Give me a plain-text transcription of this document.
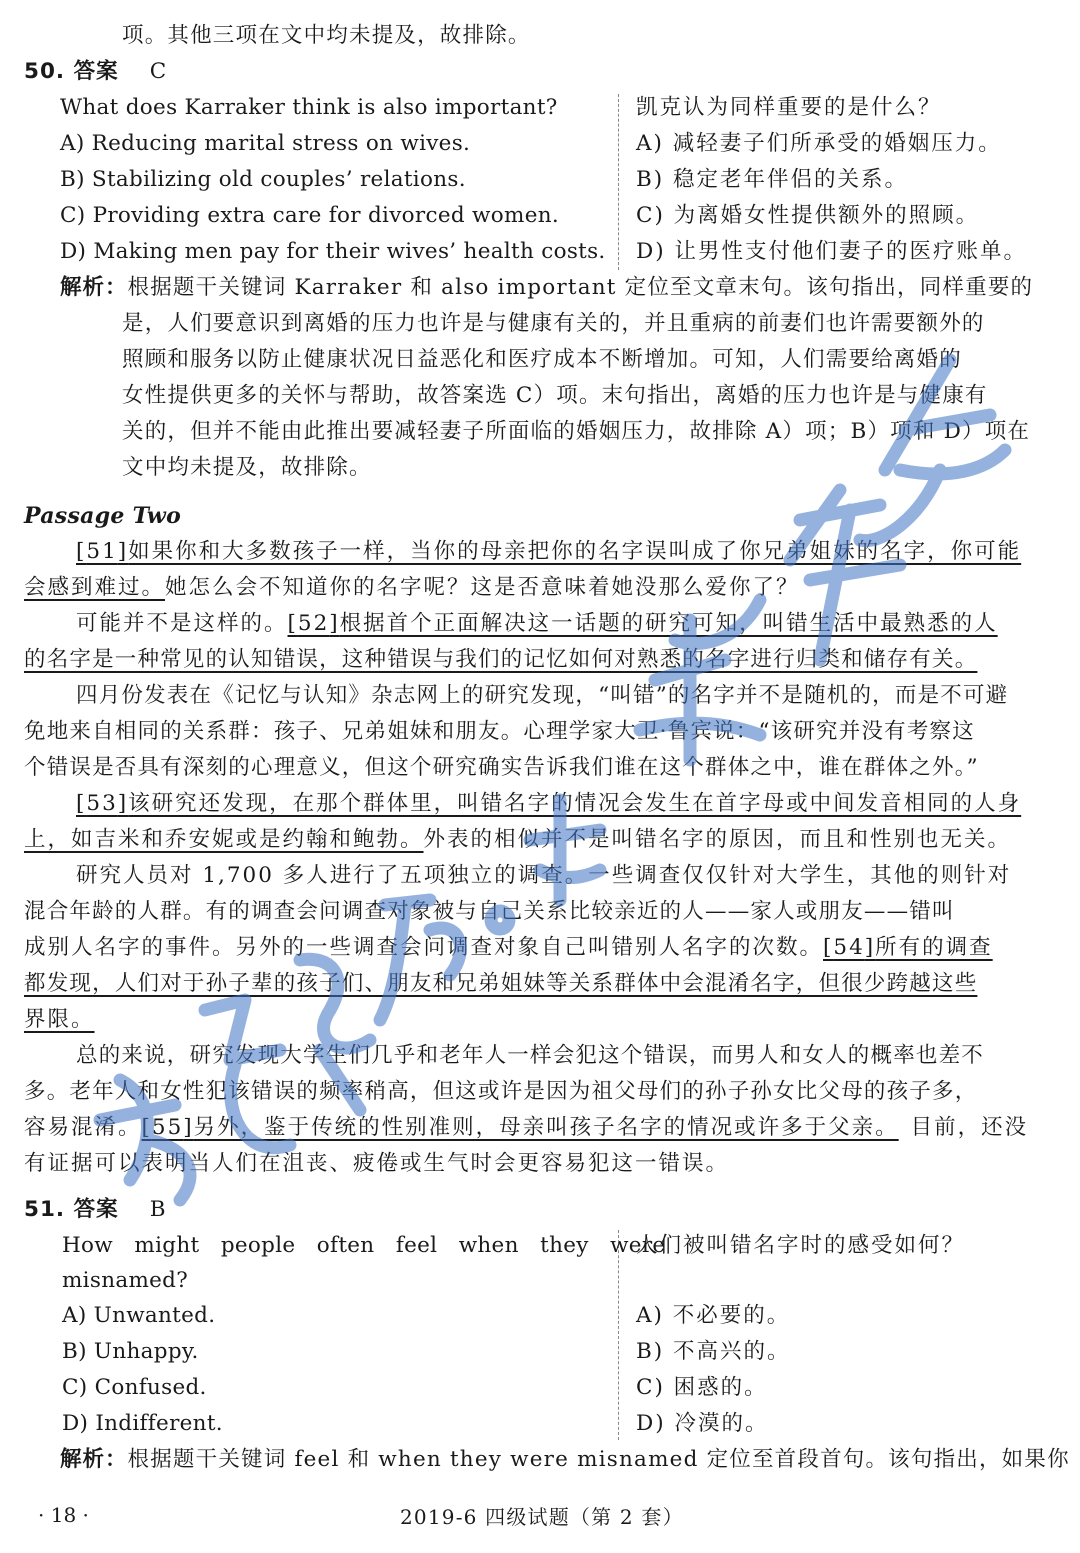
项。其他三项在文中均未提及，故排除。
50. 答案 C
What does Karraker think is also important?	凯克认为同样重要的是什么？
A) Reducing marital stress on wives.
B) Stabilizing old couples’ relations.
C) Providing extra care for divorced women.
D) Making men pay for their wives’ health costs.
A) 减轻妻子们所承受的婚姻压力。
B) 稳定老年伴侣的关系。
C) 为离婚女性提供额外的照顾。
D) 让男性支付他们妻子的医疗账单。
解析：根据题干关键词 Karraker 和 also important 定位至文章末句。该句指出，同样重要的
是，人们要意识到离婚的压力也许是与健康有关的，并且重病的前妻们也许需要额外的
照顾和服务以防止健康状况日益恶化和医疗成本不断增加。可知，人们需要给离婚的
女性提供更多的关怀与帮助，故答案选 C）项。末句指出，离婚的压力也许是与健康有
关的，但并不能由此推出要减轻妻子所面临的婚姻压力，故排除 A）项；B）项和 D）项在
文中均未提及，故排除。
Passage Two
[51]如果你和大多数孩子一样，当你的母亲把你的名字误叫成了你兄弟姐妹的名字，你可能
会感到难过。她怎么会不知道你的名字呢？这是否意味着她没那么爱你了？
可能并不是这样的。[52]根据首个正面解决这一话题的研究可知，叫错生活中最熟悉的人
的名字是一种常见的认知错误，这种错误与我们的记忆如何对熟悉的名字进行归类和储存有关。
四月份发表在《记忆与认知》杂志网上的研究发现，“叫错”的名字并不是随机的，而是不可避
免地来自相同的关系群：孩子、兄弟姐妹和朋友。心理学家大卫·鲁宾说：“该研究并没有考察这
个错误是否具有深刻的心理意义，但这个研究确实告诉我们谁在这个群体之中，谁在群体之外。”
[53]该研究还发现，在那个群体里，叫错名字的情况会发生在首字母或中间发音相同的人身
上，如吉米和乔安妮或是约翰和鲍勃。外表的相似并不是叫错名字的原因，而且和性别也无关。
研究人员对 1,700 多人进行了五项独立的调查。一些调查仅仅针对大学生，其他的则针对
混合年龄的人群。有的调查会问调查对象被与自己关系比较亲近的人——家人或朋友——错叫
成别人名字的事件。另外的一些调查会问调查对象自己叫错别人名字的次数。[54]所有的调查
都发现，人们对于孙子辈的孩子们、朋友和兄弟姐妹等关系群体中会混淆名字，但很少跨越这些
界限。
总的来说，研究发现大学生们几乎和老年人一样会犯这个错误，而男人和女人的概率也差不
多。老年人和女性犯该错误的频率稍高，但这或许是因为祖父母们的孙子孙女比父母的孩子多，
容易混淆。[55]另外，鉴于传统的性别准则，母亲叫孩子名字的情况或许多于父亲。 目前，还没
有证据可以表明当人们在沮丧、疲倦或生气时会更容易犯这一错误。
51. 答案 B
How   might   people   often   feel   when   they   were
misnamed?
人们被叫错名字时的感受如何？
A) Unwanted.
B) Unhappy.
C) Confused.
D) Indifferent.
A) 不必要的。
B) 不高兴的。
C) 困惑的。
D) 冷漠的。
解析：根据题干关键词 feel 和 when they were misnamed 定位至首段首句。该句指出，如果你
· 18 ·	2019-6 四级试题（第 2 套）
